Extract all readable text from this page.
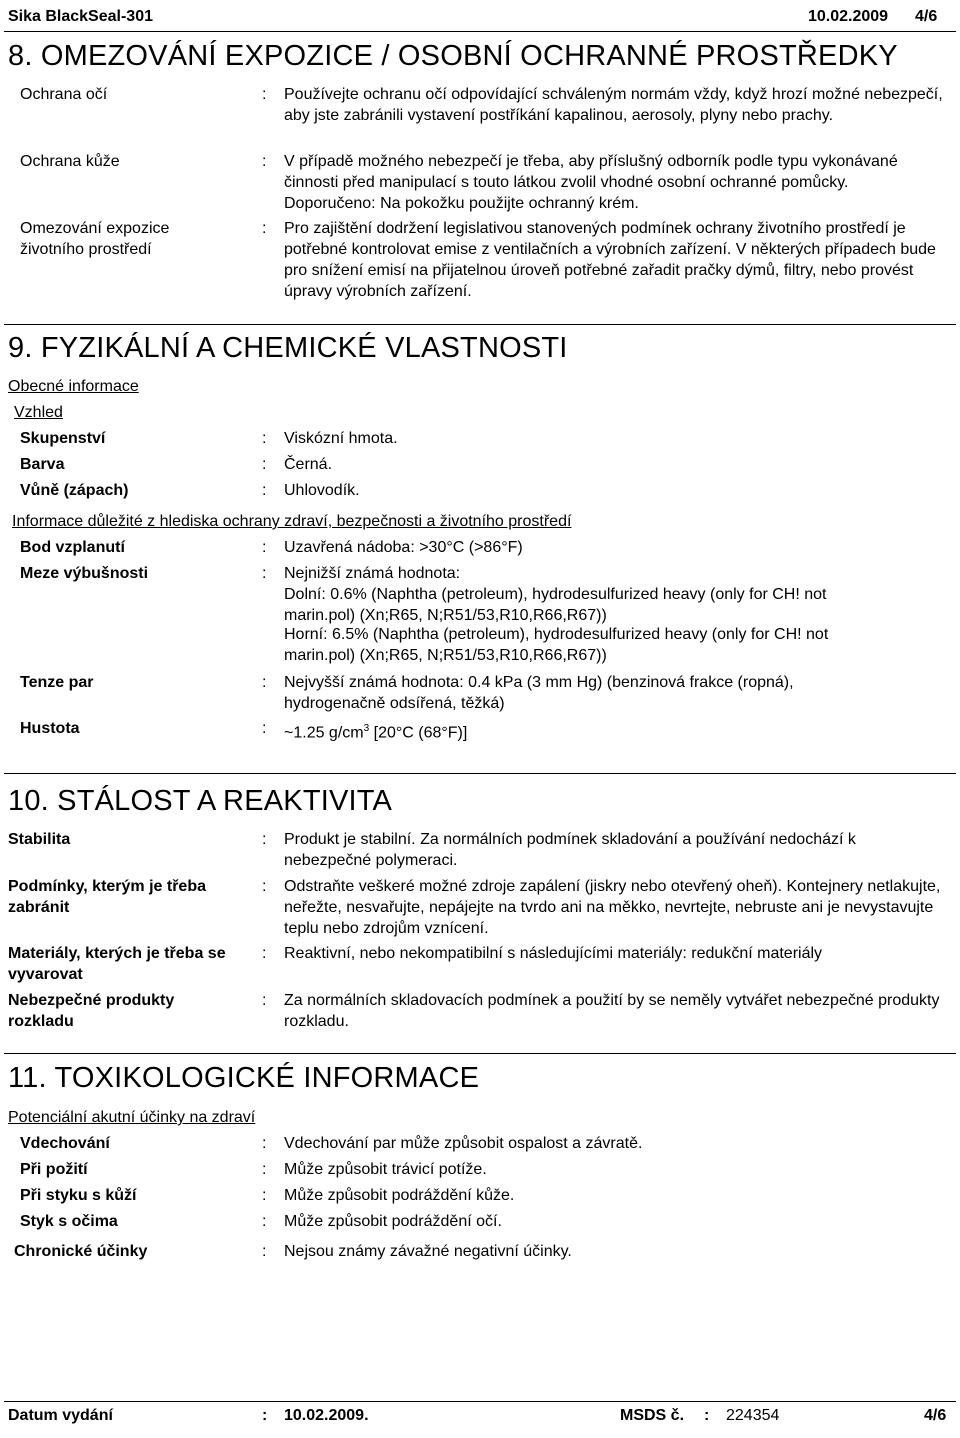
Sika BlackSeal-301	10.02.2009 4/6
8. OMEZOVÁNÍ EXPOZICE / OSOBNÍ OCHRANNÉ PROSTŘEDKY
Ochrana očí	: Používejte ochranu očí odpovídající schváleným normám vždy, když hrozí možné nebezpečí, aby jste zabránili vystavení postříkání kapalinou, aerosoly, plyny nebo prachy.
Ochrana kůže	: V případě možného nebezpečí je třeba, aby příslušný odborník podle typu vykonávané činnosti před manipulací s touto látkou zvolil vhodné osobní ochranné pomůcky. Doporučeno: Na pokožku použijte ochranný krém.
Omezování expozice životního prostředí
: Pro zajištění dodržení legislativou stanovených podmínek ochrany životního prostředí je potřebné kontrolovat emise z ventilačních a výrobních zařízení. V některých případech bude pro snížení emisí na přijatelnou úroveň potřebné zařadit pračky dýmů, filtry, nebo provést úpravy výrobních zařízení.
9. FYZIKÁLNÍ A CHEMICKÉ VLASTNOSTI
Obecné informace
Vzhled
Skupenství	: Viskózní hmota.
Barva	: Černá.
Vůně (zápach)	: Uhlovodík.
Informace důležité z hlediska ochrany zdraví, bezpečnosti a životního prostředí
Bod vzplanutí	: Uzavřená nádoba: >30°C (>86°F)
Meze výbušnosti	: Nejnižší známá hodnota:
Dolní: 0.6% (Naphtha (petroleum), hydrodesulfurized heavy (only for CH! not marin.pol) (Xn;R65, N;R51/53,R10,R66,R67))
Horní: 6.5% (Naphtha (petroleum), hydrodesulfurized heavy (only for CH! not marin.pol) (Xn;R65, N;R51/53,R10,R66,R67))
Tenze par	: Nejvyšší známá hodnota: 0.4 kPa (3 mm Hg) (benzinová frakce (ropná), hydrogenačně odsířená, těžká)
Hustota	: ~1.25 $g/cm^3$ [20°C (68°F)]
10. STÁLOST A REAKTIVITA
Stabilita	: Produkt je stabilní. Za normálních podmínek skladování a používání nedochází k nebezpečné polymeraci.
Podmínky, kterým je třeba zabránit
: Odstraňte veškeré možné zdroje zapálení (jiskry nebo otevřený oheň). Kontejnery netlakujte, neřežte, nesvařujte, nepájejte na tvrdo ani na měkko, nevrtejte, nebruste ani je nevystavujte teplu nebo zdrojům vznícení.
Materiály, kterých je třeba se vyvarovat
: Reaktivní, nebo nekompatibilní s následujícími materiály: redukční materiály
Nebezpečné produkty rozkladu
: Za normálních skladovacích podmínek a použití by se neměly vytvářet nebezpečné produkty rozkladu.
11. TOXIKOLOGICKÉ INFORMACE
Potenciální akutní účinky na zdraví
Vdechování	: Vdechování par může způsobit ospalost a závratě.
Při požití	: Může způsobit trávicí potíže.
Při styku s kůží	: Může způsobit podráždění kůže.
Styk s očima	: Může způsobit podráždění očí.
Chronické účinky	: Nejsou známy závažné negativní účinky.
Datum vydání	: 10.02.2009.	MSDS č. : 224354	4/6
